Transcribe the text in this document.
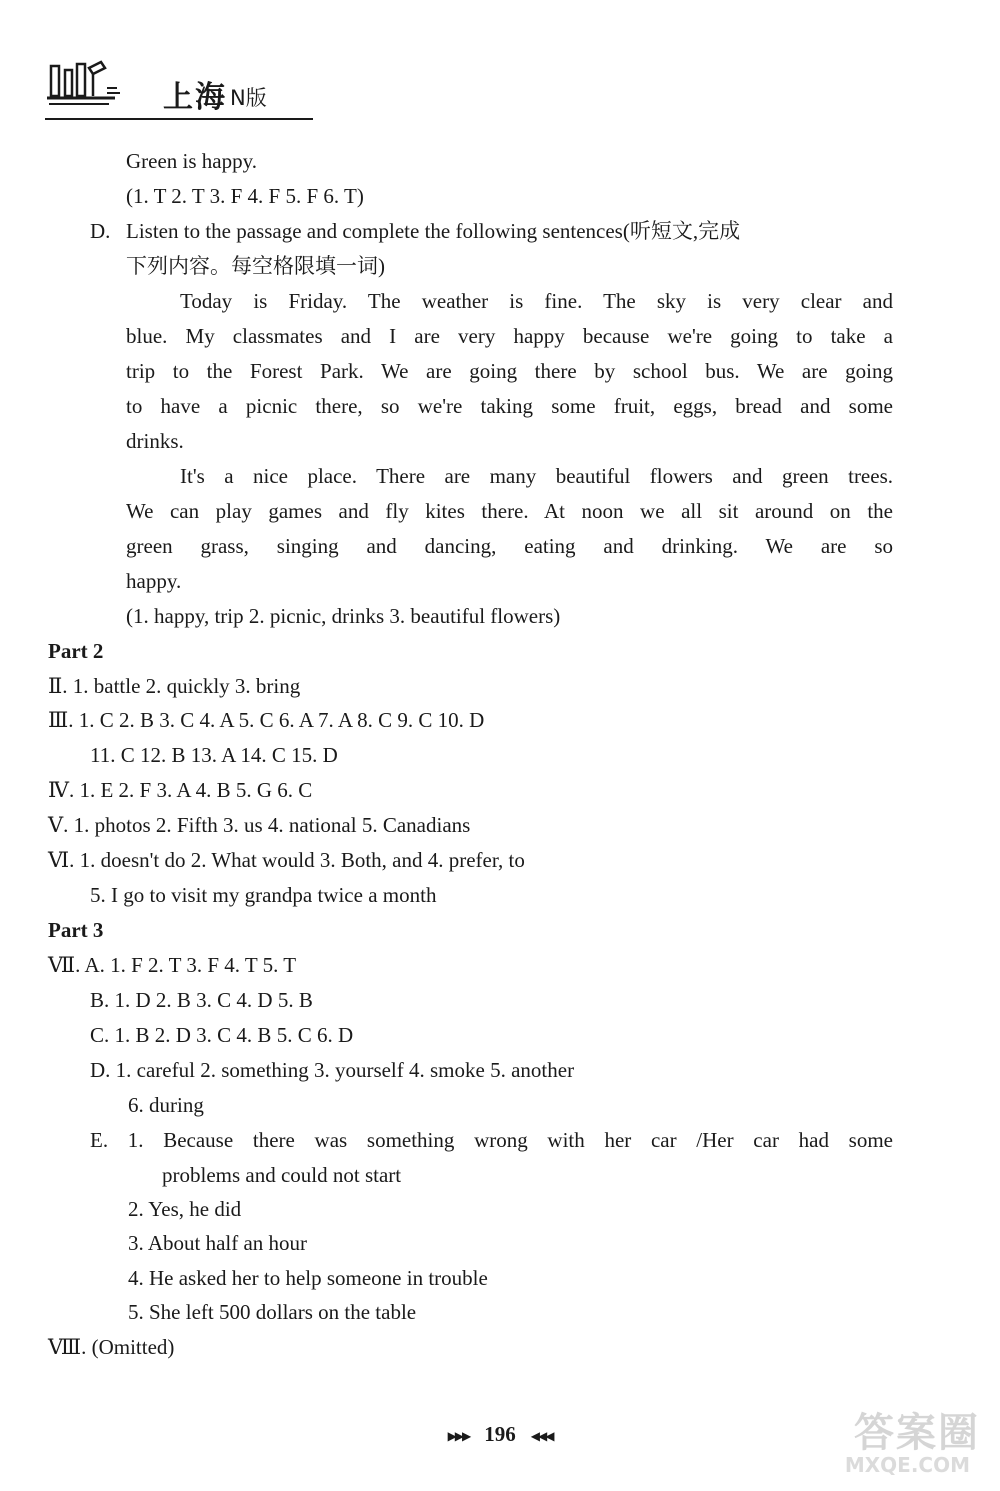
上海 N版
Green is happy.
(1. T 2. T 3. F 4. F 5. F 6. T)
D. Listen to the passage and complete the following sentences(听短文,完成
下列内容。每空格限填一词)
Today is Friday. The weather is fine. The sky is very clear and
blue. My classmates and I are very happy because we're going to take a
trip to the Forest Park. We are going there by school bus. We are going
to have a picnic there, so we're taking some fruit, eggs, bread and some
drinks.
It's a nice place. There are many beautiful flowers and green trees.
We can play games and fly kites there. At noon we all sit around on the
green grass, singing and dancing, eating and drinking. We are so
happy.
(1. happy, trip 2. picnic, drinks 3. beautiful flowers)
Part 2
Ⅱ. 1. battle 2. quickly 3. bring
Ⅲ. 1. C 2. B 3. C 4. A 5. C 6. A 7. A 8. C 9. C 10. D
11. C 12. B 13. A 14. C 15. D
Ⅳ. 1. E 2. F 3. A 4. B 5. G 6. C
Ⅴ. 1. photos 2. Fifth 3. us 4. national 5. Canadians
Ⅵ. 1. doesn't do 2. What would 3. Both, and 4. prefer, to
5. I go to visit my grandpa twice a month
Part 3
Ⅶ. A. 1. F 2. T 3. F 4. T 5. T
B. 1. D 2. B 3. C 4. D 5. B
C. 1. B 2. D 3. C 4. B 5. C 6. D
D. 1. careful 2. something 3. yourself 4. smoke 5. another
6. during
E. 1. Because there was something wrong with her car /Her car had some
problems and could not start
2. Yes, he did
3. About half an hour
4. He asked her to help someone in trouble
5. She left 500 dollars on the table
Ⅷ. (Omitted)
▶▶▶ 196 ◀◀◀	答案圈
MXQE.COM
